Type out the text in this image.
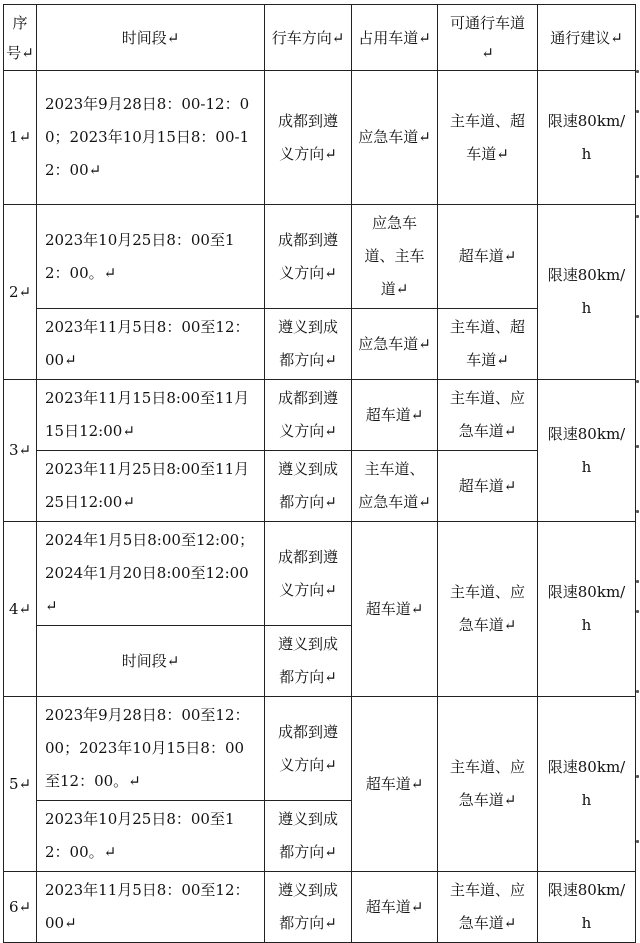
序号↵	时间段↵	行车方向↵	占用车道↵	可通行车道↵	通行建议↵
1↵	2023年9月28日8：00-12：00；2023年10月15日8：00-12：00↵	成都到遵义方向↵	应急车道↵	主车道、超车道↵	限速80km/h
2↵	2023年10月25日8：00至12：00。↵	成都到遵义方向↵	应急车道、主车道↵	超车道↵	限速80km/h
	2023年11月5日8：00至12：00↵	遵义到成都方向↵	应急车道↵	主车道、超车道↵	
3↵	2023年11月15日8:00至11月15日12:00↵	成都到遵义方向↵	超车道↵	主车道、应急车道↵	限速80km/h
	2023年11月25日8:00至11月25日12:00↵	遵义到成都方向↵	主车道、应急车道↵	超车道↵	
4↵	2024年1月5日8:00至12:00；2024年1月20日8:00至12:00↵	成都到遵义方向↵	超车道↵	主车道、应急车道↵	限速80km/h
	时间段↵	遵义到成都方向↵			
5↵	2023年9月28日8：00至12：00；2023年10月15日8：00至12：00。↵	成都到遵义方向↵	超车道↵	主车道、应急车道↵	限速80km/h
	2023年10月25日8：00至12：00。↵	遵义到成都方向↵			
6↵	2023年11月5日8：00至12：00↵	遵义到成都方向↵	超车道↵	主车道、应急车道↵	限速80km/h
